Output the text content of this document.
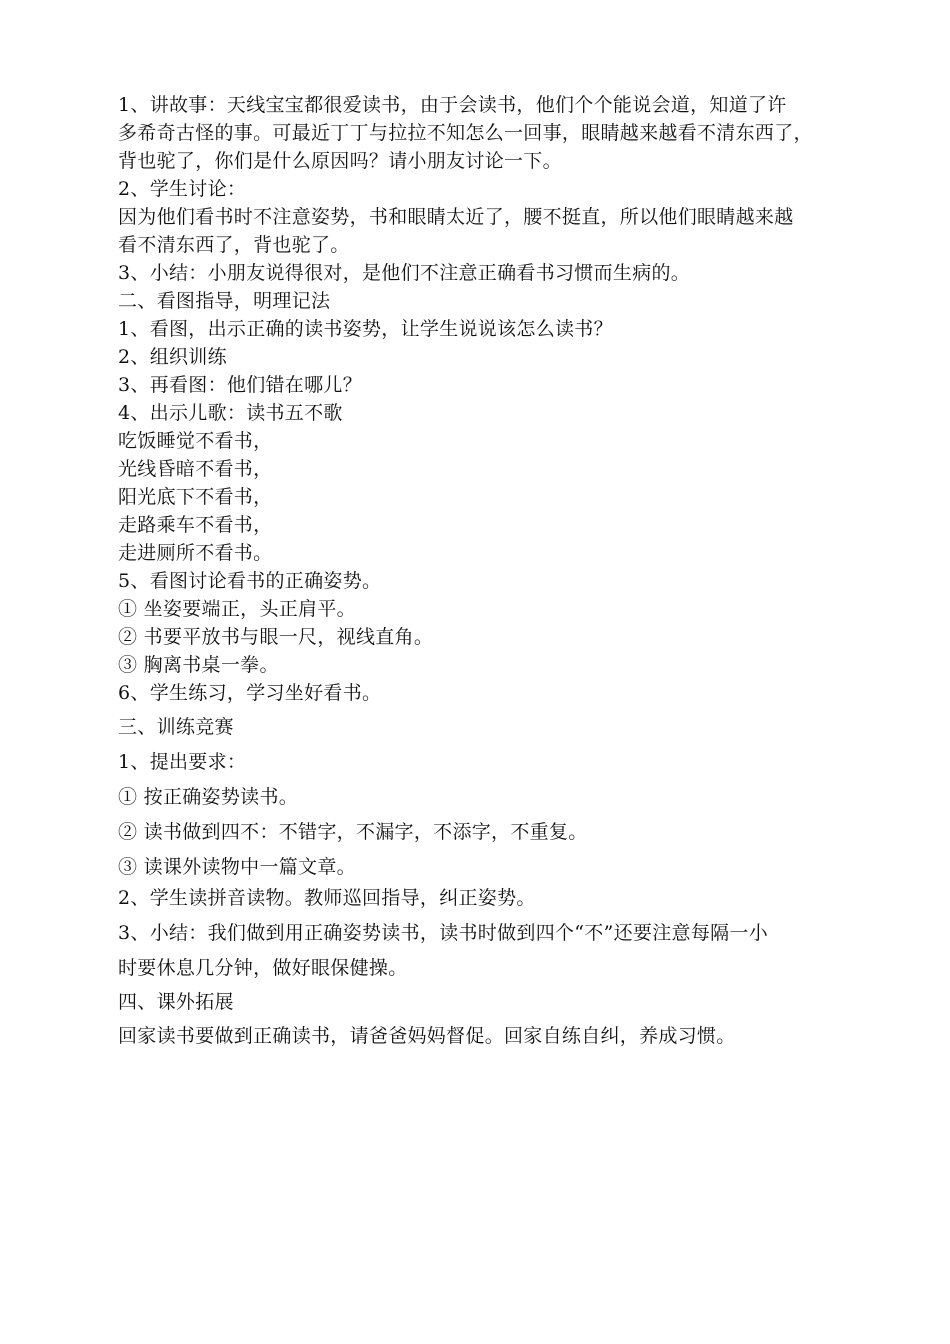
1、讲故事：天线宝宝都很爱读书，由于会读书，他们个个能说会道，知道了许
多希奇古怪的事。可最近丁丁与拉拉不知怎么一回事，眼睛越来越看不清东西了，
背也驼了，你们是什么原因吗？请小朋友讨论一下。
2、学生讨论：
因为他们看书时不注意姿势，书和眼睛太近了，腰不挺直，所以他们眼睛越来越
看不清东西了，背也驼了。
3、小结：小朋友说得很对，是他们不注意正确看书习惯而生病的。
二、看图指导，明理记法
1、看图，出示正确的读书姿势，让学生说说该怎么读书？
2、组织训练
3、再看图：他们错在哪儿？
4、出示儿歌：读书五不歌
吃饭睡觉不看书，
光线昏暗不看书，
阳光底下不看书，
走路乘车不看书，
走进厕所不看书。
5、看图讨论看书的正确姿势。
① 坐姿要端正，头正肩平。
② 书要平放书与眼一尺，视线直角。
③ 胸离书桌一拳。
6、学生练习，学习坐好看书。
三、训练竞赛
1、提出要求：
① 按正确姿势读书。
② 读书做到四不：不错字，不漏字，不添字，不重复。
③ 读课外读物中一篇文章。
2、学生读拼音读物。教师巡回指导，纠正姿势。
3、小结：我们做到用正确姿势读书，读书时做到四个“不”还要注意每隔一小
时要休息几分钟，做好眼保健操。
四、课外拓展
回家读书要做到正确读书，请爸爸妈妈督促。回家自练自纠，养成习惯。
